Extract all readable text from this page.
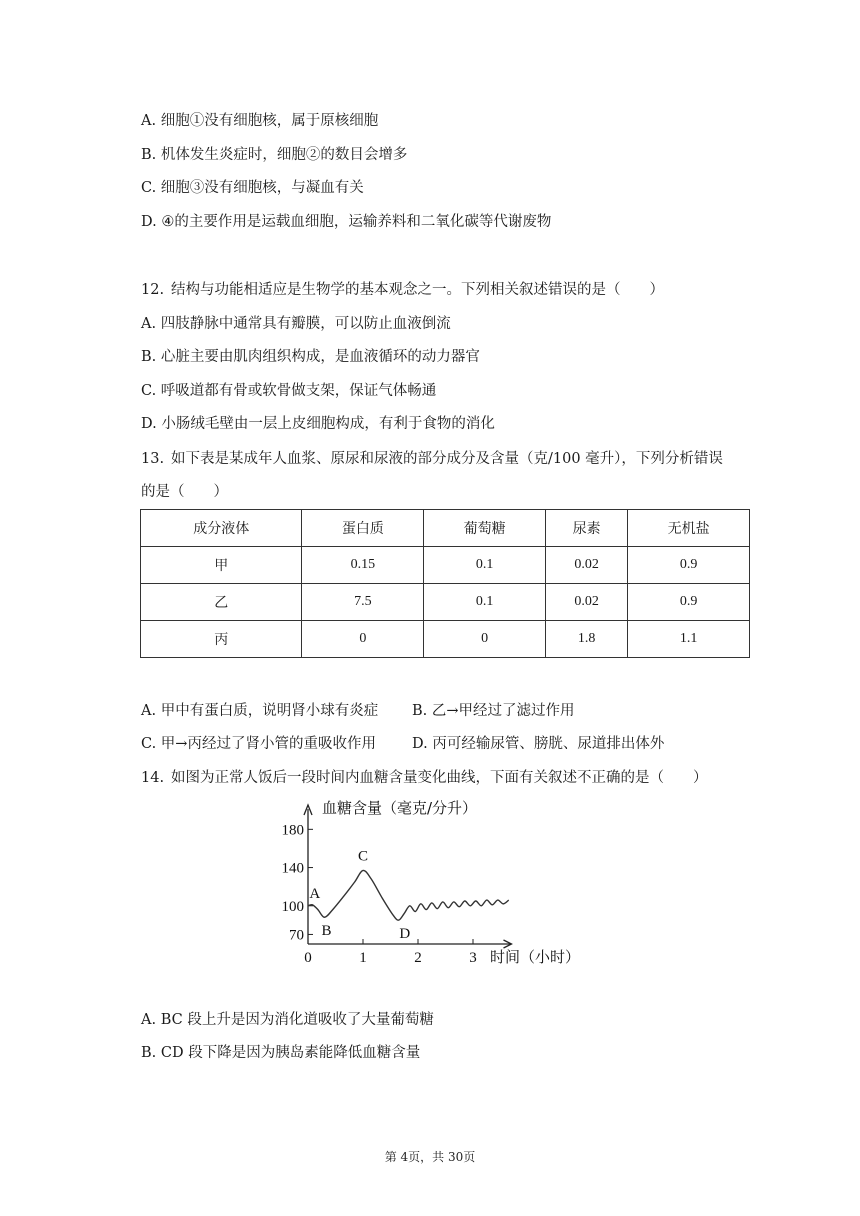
A. 细胞①没有细胞核，属于原核细胞
B. 机体发生炎症时，细胞②的数目会增多
C. 细胞③没有细胞核，与凝血有关
D. ④的主要作用是运载血细胞，运输养料和二氧化碳等代谢废物
12. 结构与功能相适应是生物学的基本观念之一。下列相关叙述错误的是（　　）
A. 四肢静脉中通常具有瓣膜，可以防止血液倒流
B. 心脏主要由肌肉组织构成，是血液循环的动力器官
C. 呼吸道都有骨或软骨做支架，保证气体畅通
D. 小肠绒毛壁由一层上皮细胞构成，有利于食物的消化
13. 如下表是某成年人血浆、原尿和尿液的部分成分及含量（克/100 毫升），下列分析错误
的是（　　）
成分液体	蛋白质	葡萄糖	尿素	无机盐
甲	0.15	0.1	0.02	0.9
乙	7.5	0.1	0.02	0.9
丙	0	0	1.8	1.1
A. 甲中有蛋白质，说明肾小球有炎症 B. 乙→甲经过了滤过作用
C. 甲→丙经过了肾小管的重吸收作用 D. 丙可经输尿管、膀胱、尿道排出体外
14. 如图为正常人饭后一段时间内血糖含量变化曲线，下面有关叙述不正确的是（　　）
70
100
140
180
0	1	2	3
A
B
C
D
血糖含量（毫克/分升）
时间（小时）
A. BC 段上升是因为消化道吸收了大量葡萄糖
B. CD 段下降是因为胰岛素能降低血糖含量
第 4页，共 30页
